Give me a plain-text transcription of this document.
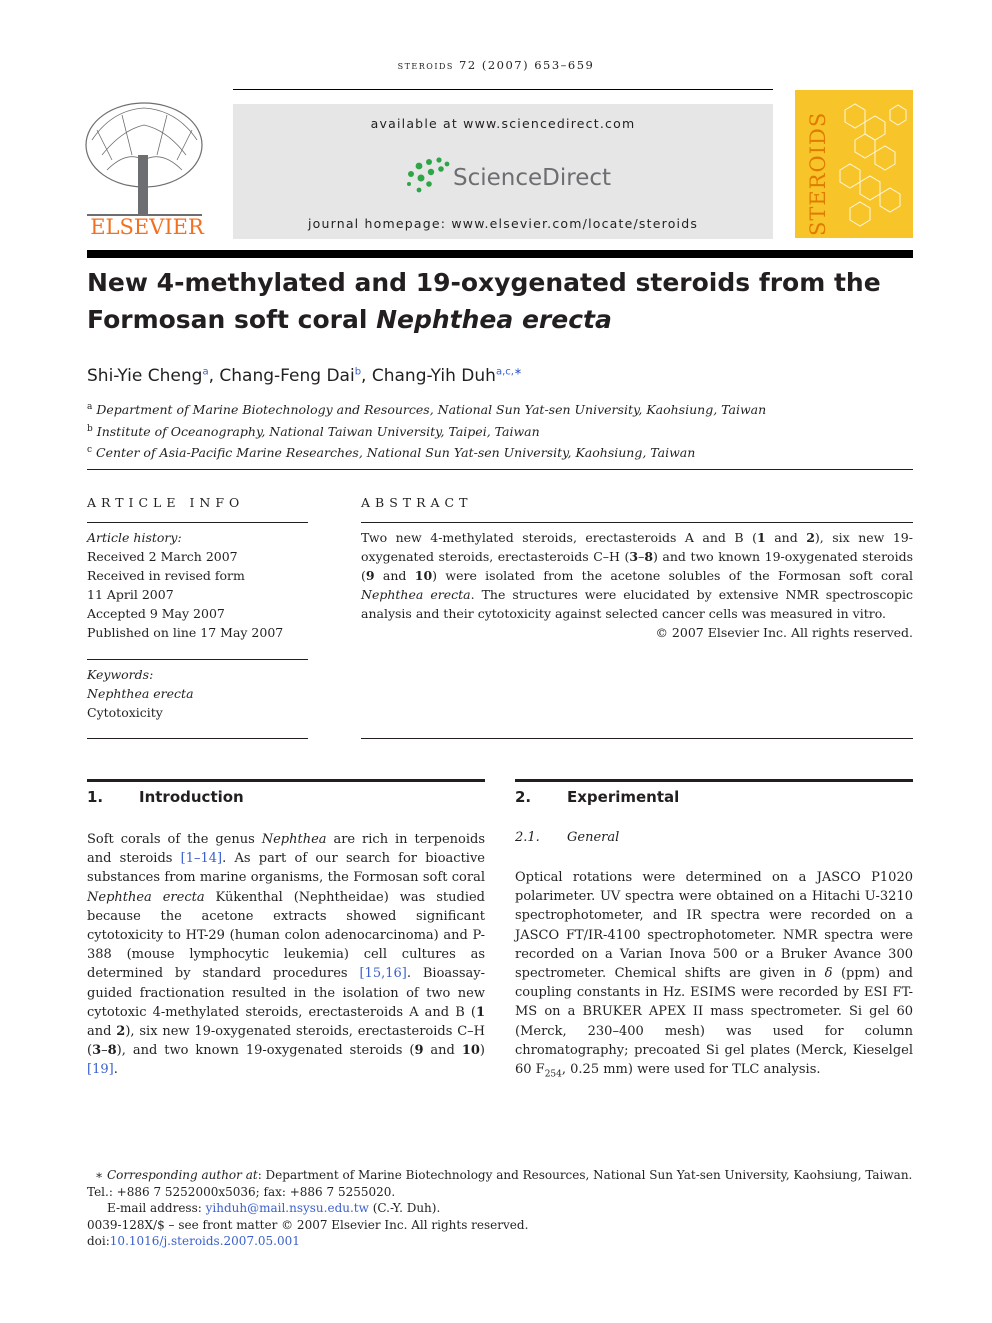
steroids 72 (2007) 653–659
ELSEVIER
available at www.sciencedirect.com
ScienceDirect
journal homepage: www.elsevier.com/locate/steroids	STEROIDS
New 4-methylated and 19-oxygenated steroids from the
Formosan soft coral Nephthea erecta
Shi-Yie Cheng$^a$, Chang-Feng Dai$^b$, Chang-Yih Duh$^{a,c,∗}$
$^a$ Department of Marine Biotechnology and Resources, National Sun Yat-sen University, Kaohsiung, Taiwan
$^b$ Institute of Oceanography, National Taiwan University, Taipei, Taiwan
$^c$ Center of Asia-Pacific Marine Researches, National Sun Yat-sen University, Kaohsiung, Taiwan
ARTICLE INFO
Article history:
Received 2 March 2007
Received in revised form
11 April 2007
Accepted 9 May 2007
Published on line 17 May 2007
Keywords:
Nephthea erecta
Cytotoxicity
ABSTRACT
Two new 4-methylated steroids, erectasteroids A and B (1 and 2), six new 19-oxygenated steroids, erectasteroids C–H (3–8) and two known 19-oxygenated steroids (9 and 10) were isolated from the acetone solubles of the Formosan soft coral Nephthea erecta. The structures were elucidated by extensive NMR spectroscopic analysis and their cytotoxicity against selected cancer cells was measured in vitro.
© 2007 Elsevier Inc. All rights reserved.
1. Introduction
Soft corals of the genus Nephthea are rich in terpenoids and steroids [1–14]. As part of our search for bioactive substances from marine organisms, the Formosan soft coral Nephthea erecta Kükenthal (Nephtheidae) was studied because the acetone extracts showed significant cytotoxicity to HT-29 (human colon adenocarcinoma) and P-388 (mouse lymphocytic leukemia) cell cultures as determined by standard procedures [15,16]. Bioassay-guided fractionation resulted in the isolation of two new cytotoxic 4-methylated steroids, erectasteroids A and B (1 and 2), six new 19-oxygenated steroids, erectasteroids C–H (3–8), and two known 19-oxygenated steroids (9 and 10) [19].
2. Experimental
2.1. General
Optical rotations were determined on a JASCO P1020 polarimeter. UV spectra were obtained on a Hitachi U-3210 spectrophotometer, and IR spectra were recorded on a JASCO FT/IR-4100 spectrophotometer. NMR spectra were recorded on a Varian Inova 500 or a Bruker Avance 300 spectrometer. Chemical shifts are given in δ (ppm) and coupling constants in Hz. ESIMS were recorded by ESI FT-MS on a BRUKER APEX II mass spectrometer. Si gel 60 (Merck, 230–400 mesh) was used for column chromatography; precoated Si gel plates (Merck, Kieselgel 60 $F_{254}$, 0.25 mm) were used for TLC analysis.
∗ Corresponding author at: Department of Marine Biotechnology and Resources, National Sun Yat-sen University, Kaohsiung, Taiwan.
Tel.: +886 7 5252000x5036; fax: +886 7 5255020.
E-mail address: yihduh@mail.nsysu.edu.tw (C.-Y. Duh).
0039-128X/$ – see front matter © 2007 Elsevier Inc. All rights reserved.
doi:10.1016/j.steroids.2007.05.001
